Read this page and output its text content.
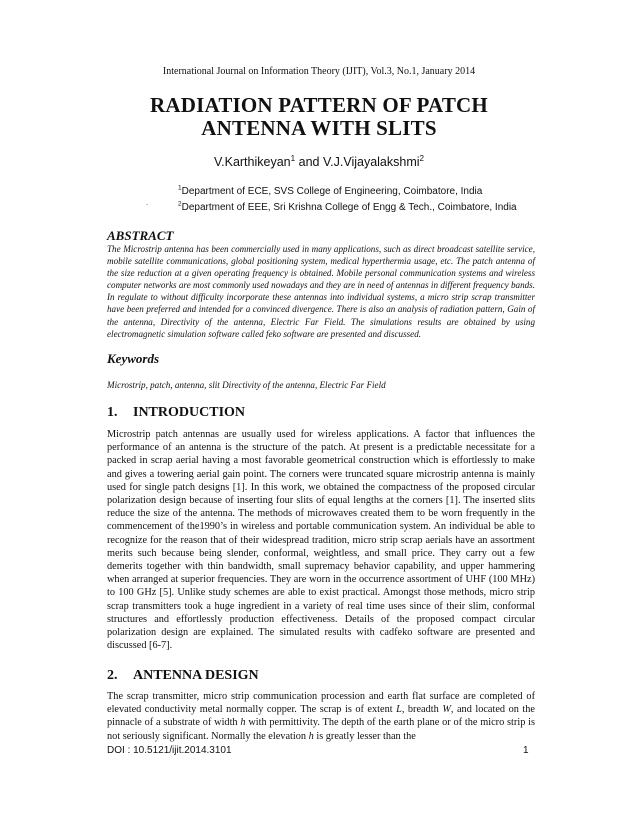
International Journal on Information Theory (IJIT), Vol.3, No.1, January 2014
RADIATION PATTERN OF PATCH
ANTENNA WITH SLITS
V.Karthikeyan$^1$ and V.J.Vijayalakshmi$^2$
.
$^1$Department of ECE, SVS College of Engineering, Coimbatore, India
$^2$Department of EEE, Sri Krishna College of Engg & Tech., Coimbatore, India
ABSTRACT
The Microstrip antenna has been commercially used in many applications, such as direct broadcast satellite service, mobile satellite communications, global positioning system, medical hyperthermia usage, etc. The patch antenna of the size reduction at a given operating frequency is obtained. Mobile personal communication systems and wireless computer networks are most commonly used nowadays and they are in need of antennas in different frequency bands. In regulate to without difficulty incorporate these antennas into individual systems, a micro strip scrap transmitter have been preferred and intended for a convinced divergence. There is also an analysis of radiation pattern, Gain of the antenna, Directivity of the antenna, Electric Far Field. The simulations results are obtained by using electromagnetic simulation software called feko software are presented and discussed.
Keywords
Microstrip, patch, antenna, slit Directivity of the antenna, Electric Far Field
1. INTRODUCTION
Microstrip patch antennas are usually used for wireless applications. A factor that influences the performance of an antenna is the structure of the patch. At present is a predictable necessitate for a packed in scrap aerial having a most favorable geometrical construction which is effortlessly to make and gives a towering aerial gain point. The corners were truncated square microstrip antenna is mainly used for single patch designs [1]. In this work, we obtained the compactness of the proposed circular polarization design because of inserting four slits of equal lengths at the corners [1]. The inserted slits reduce the size of the antenna. The methods of microwaves created them to be worn frequently in the commencement of the1990’s in wireless and portable communication system. An individual be able to recognize for the reason that of their widespread tradition, micro strip scrap aerials have an assortment merits such because being slender, conformal, weightless, and small price. They carry out a few demerits together with thin bandwidth, small supremacy behavior capability, and upper hammering when arranged at superior frequencies. They are worn in the occurrence assortment of UHF (100 MHz) to 100 GHz [5]. Unlike study schemes are able to exist practical. Amongst those methods, micro strip scrap transmitters took a huge ingredient in a variety of real time uses since of their slim, conformal structures and effortlessly production effectiveness. Details of the proposed compact circular polarization design are explained. The simulated results with cadfeko software are presented and discussed [6-7].
2. ANTENNA DESIGN
The scrap transmitter, micro strip communication procession and earth flat surface are completed of elevated conductivity metal normally copper. The scrap is of extent L, breadth W, and located on the pinnacle of a substrate of width h with permittivity. The depth of the earth plane or of the micro strip is not seriously significant. Normally the elevation h is greatly lesser than the
DOI : 10.5121/ijit.2014.3101	1
